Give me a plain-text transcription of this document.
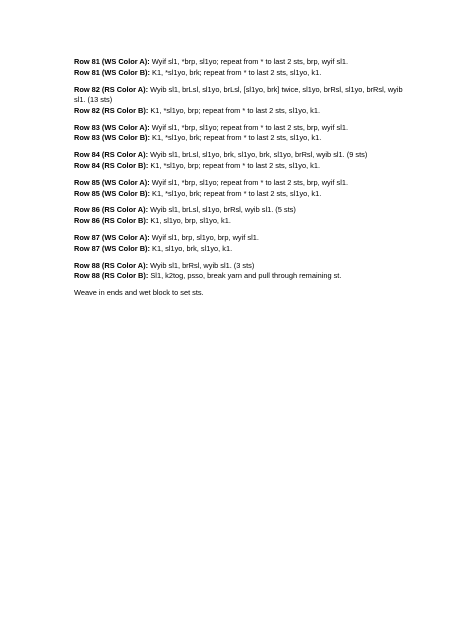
Row 81 (WS Color A): Wyif sl1, *brp, sl1yo; repeat from * to last 2 sts, brp, wyif sl1.

Row 81 (WS Color B): K1, *sl1yo, brk; repeat from * to last 2 sts, sl1yo, k1.

Row 82 (RS Color A): Wyib sl1, brLsl, sl1yo, brLsl, [sl1yo, brk] twice, sl1yo, brRsl, sl1yo, brRsl, wyib sl1. (13 sts)

Row 82 (RS Color B): K1, *sl1yo, brp; repeat from * to last 2 sts, sl1yo, k1.

Row 83 (WS Color A): Wyif sl1, *brp, sl1yo; repeat from * to last 2 sts, brp, wyif sl1.

Row 83 (WS Color B): K1, *sl1yo, brk; repeat from * to last 2 sts, sl1yo, k1.

Row 84 (RS Color A): Wyib sl1, brLsl, sl1yo, brk, sl1yo, brk, sl1yo, brRsl, wyib sl1. (9 sts)

Row 84 (RS Color B): K1, *sl1yo, brp; repeat from * to last 2 sts, sl1yo, k1.

Row 85 (WS Color A): Wyif sl1, *brp, sl1yo; repeat from * to last 2 sts, brp, wyif sl1.

Row 85 (WS Color B): K1, *sl1yo, brk; repeat from * to last 2 sts, sl1yo, k1.

Row 86 (RS Color A): Wyib sl1, brLsl, sl1yo, brRsl, wyib sl1. (5 sts)

Row 86 (RS Color B): K1, sl1yo, brp, sl1yo, k1.

Row 87 (WS Color A): Wyif sl1, brp, sl1yo, brp, wyif sl1.

Row 87 (WS Color B): K1, sl1yo, brk, sl1yo, k1.

Row 88 (RS Color A): Wyib sl1, brRsl, wyib sl1. (3 sts)

Row 88 (RS Color B): Sl1, k2tog, psso, break yarn and pull through remaining st.

Weave in ends and wet block to set sts.
